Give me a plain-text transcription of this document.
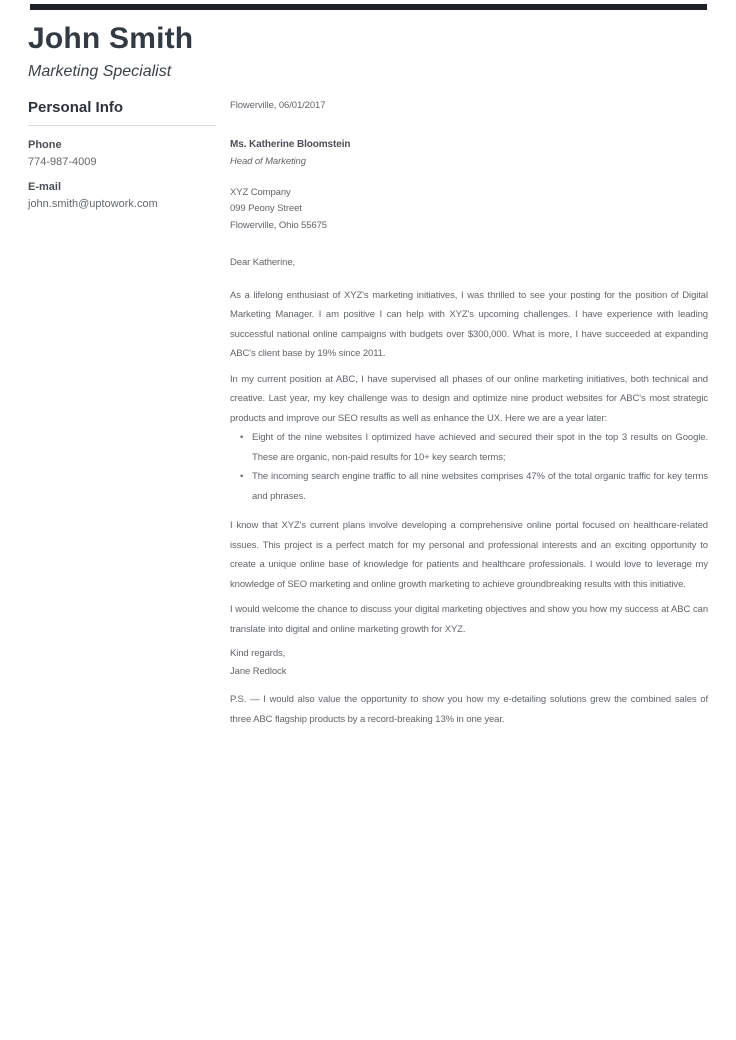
John Smith
Marketing Specialist
Personal Info
Phone
774-987-4009
E-mail
john.smith@uptowork.com
Flowerville, 06/01/2017
Ms. Katherine Bloomstein
Head of Marketing
XYZ Company
099 Peony Street
Flowerville, Ohio 55675
Dear Katherine,

As a lifelong enthusiast of XYZ's marketing initiatives, I was thrilled to see your posting for the position of Digital Marketing Manager. I am positive I can help with XYZ's upcoming challenges. I have experience with leading successful national online campaigns with budgets over $300,000. What is more, I have succeeded at expanding ABC's client base by 19% since 2011.

In my current position at ABC, I have supervised all phases of our online marketing initiatives, both technical and creative. Last year, my key challenge was to design and optimize nine product websites for ABC's most strategic products and improve our SEO results as well as enhance the UX. Here we are a year later:

• Eight of the nine websites I optimized have achieved and secured their spot in the top 3 results on Google. These are organic, non-paid results for 10+ key search terms;
• The incoming search engine traffic to all nine websites comprises 47% of the total organic traffic for key terms and phrases.

I know that XYZ's current plans involve developing a comprehensive online portal focused on healthcare-related issues. This project is a perfect match for my personal and professional interests and an exciting opportunity to create a unique online base of knowledge for patients and healthcare professionals. I would love to leverage my knowledge of SEO marketing and online growth marketing to achieve groundbreaking results with this initiative.

I would welcome the chance to discuss your digital marketing objectives and show you how my success at ABC can translate into digital and online marketing growth for XYZ.

Kind regards,
Jane Redlock

P.S. — I would also value the opportunity to show you how my e-detailing solutions grew the combined sales of three ABC flagship products by a record-breaking 13% in one year.
